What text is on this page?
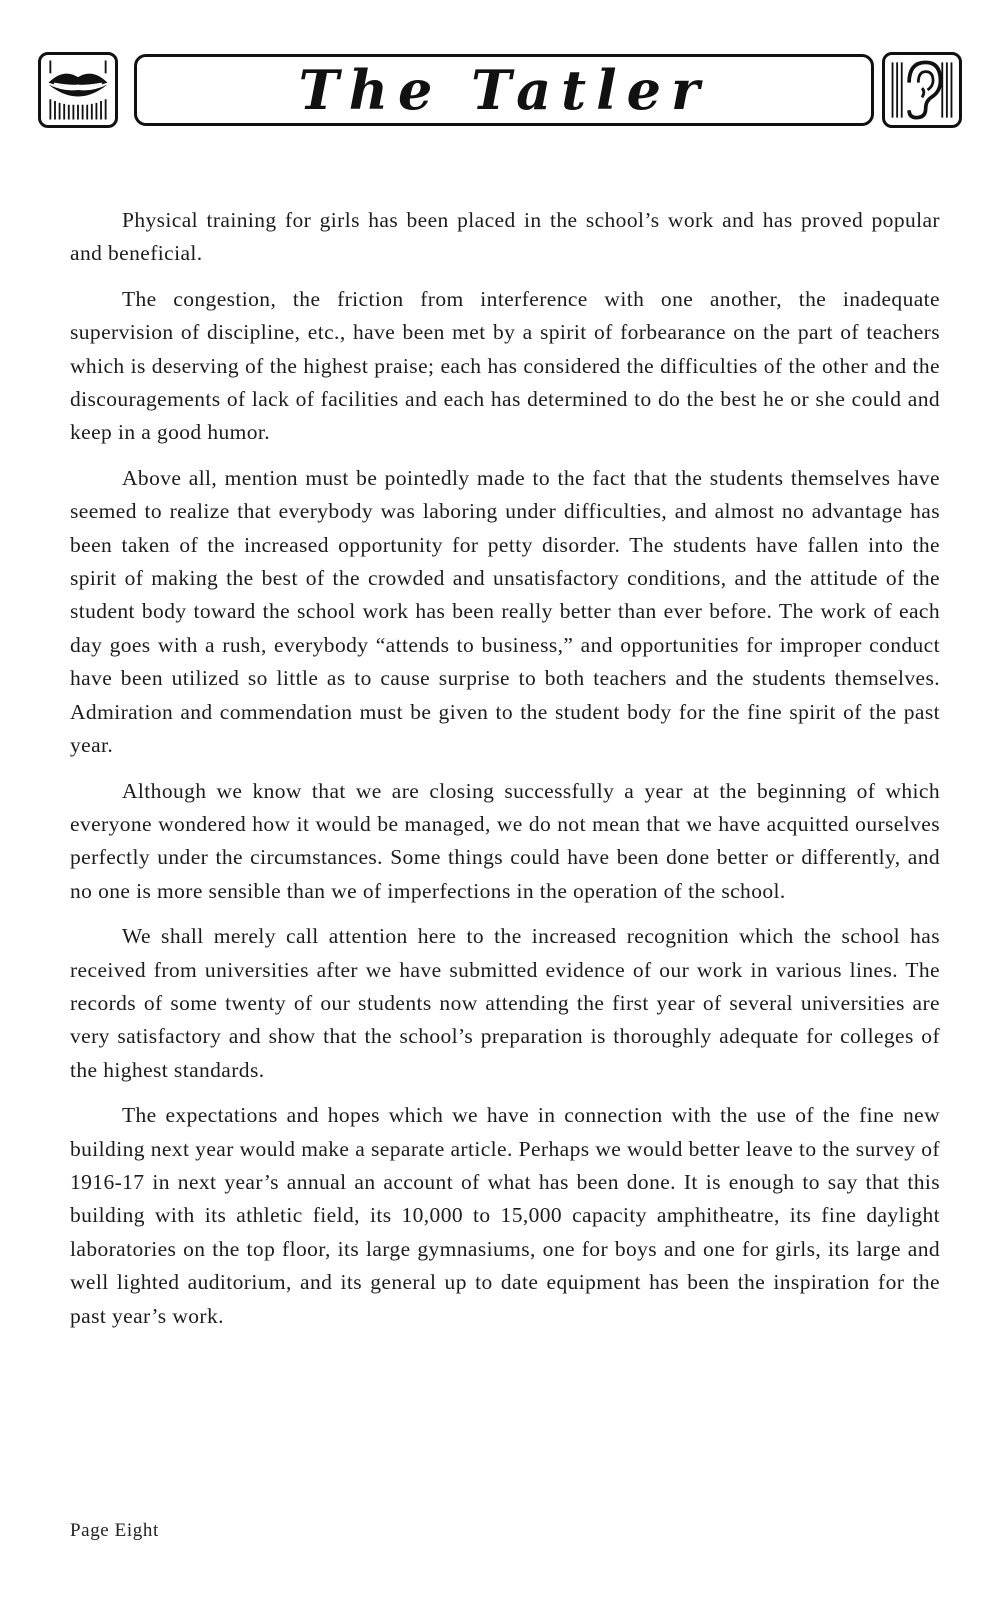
The Tatler

Physical training for girls has been placed in the school’s work and has proved popular and beneficial.

The congestion, the friction from interference with one another, the inadequate supervision of discipline, etc., have been met by a spirit of forbearance on the part of teachers which is deserving of the highest praise; each has considered the difficulties of the other and the discouragements of lack of facilities and each has determined to do the best he or she could and keep in a good humor.

Above all, mention must be pointedly made to the fact that the students themselves have seemed to realize that everybody was laboring under difficulties, and almost no advantage has been taken of the increased opportunity for petty disorder. The students have fallen into the spirit of making the best of the crowded and unsatisfactory conditions, and the attitude of the student body toward the school work has been really better than ever before. The work of each day goes with a rush, everybody “attends to business,” and opportunities for improper conduct have been utilized so little as to cause surprise to both teachers and the students themselves. Admiration and commendation must be given to the student body for the fine spirit of the past year.

Although we know that we are closing successfully a year at the beginning of which everyone wondered how it would be managed, we do not mean that we have acquitted ourselves perfectly under the circumstances. Some things could have been done better or differently, and no one is more sensible than we of imperfections in the operation of the school.

We shall merely call attention here to the increased recognition which the school has received from universities after we have submitted evidence of our work in various lines. The records of some twenty of our students now attending the first year of several universities are very satisfactory and show that the school’s preparation is thoroughly adequate for colleges of the highest standards.

The expectations and hopes which we have in connection with the use of the fine new building next year would make a separate article. Perhaps we would better leave to the survey of 1916-17 in next year’s annual an account of what has been done. It is enough to say that this building with its athletic field, its 10,000 to 15,000 capacity amphitheatre, its fine daylight laboratories on the top floor, its large gymnasiums, one for boys and one for girls, its large and well lighted auditorium, and its general up to date equipment has been the inspiration for the past year’s work.

Page Eight
